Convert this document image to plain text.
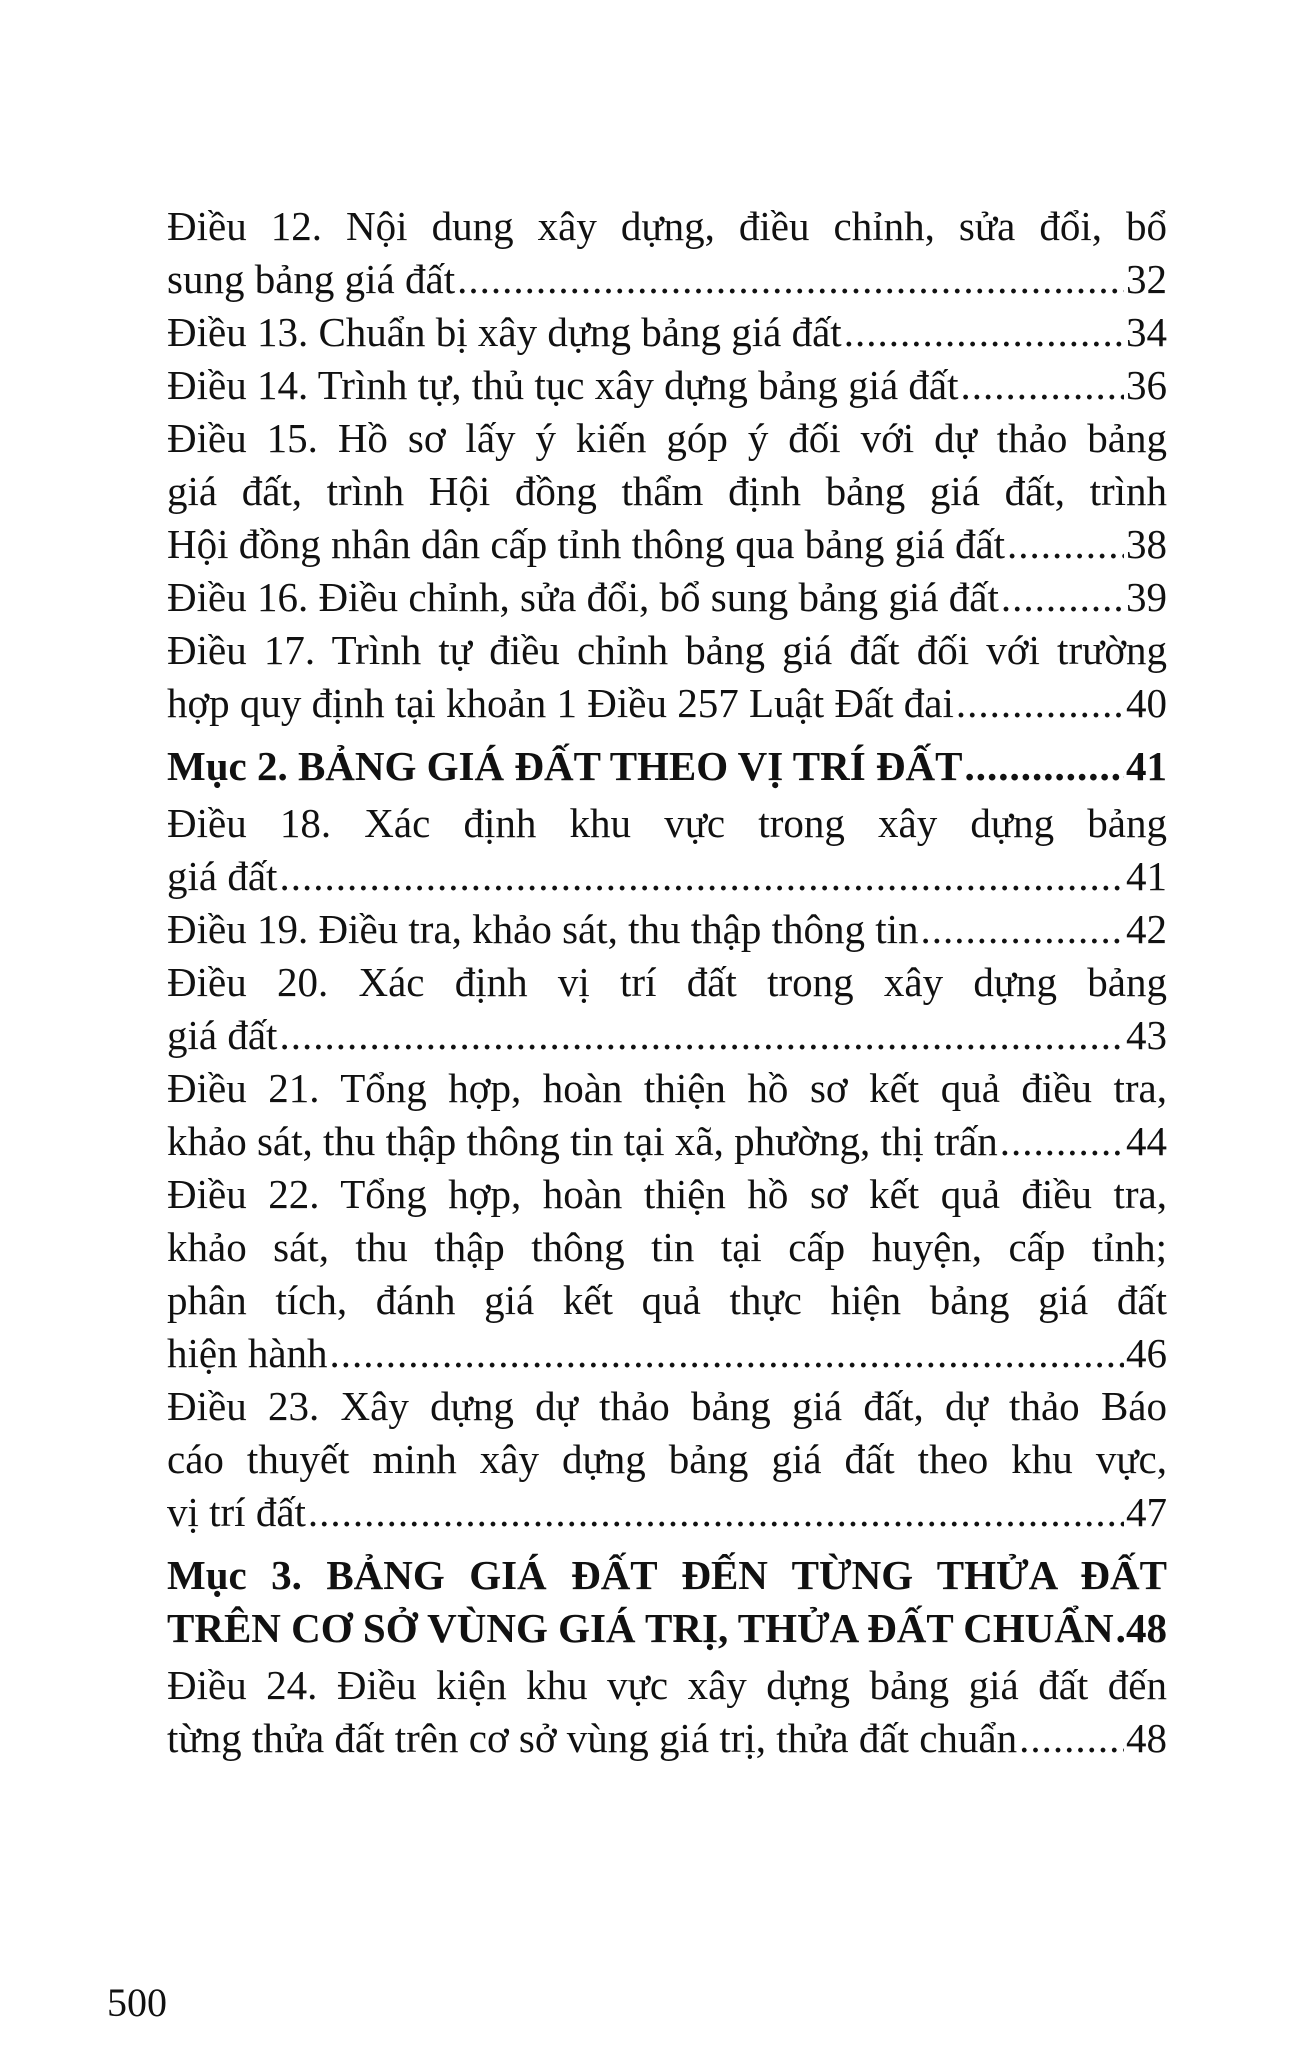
Điều 12. Nội dung xây dựng, điều chỉnh, sửa đổi, bổ
sung bảng giá đất .....	32
Điều 13. Chuẩn bị xây dựng bảng giá đất .....	34
Điều 14. Trình tự, thủ tục xây dựng bảng giá đất .....	36
Điều 15. Hồ sơ lấy ý kiến góp ý đối với dự thảo bảng
giá đất, trình Hội đồng thẩm định bảng giá đất, trình
Hội đồng nhân dân cấp tỉnh thông qua bảng giá đất .....	38
Điều 16. Điều chỉnh, sửa đổi, bổ sung bảng giá đất .....	39
Điều 17. Trình tự điều chỉnh bảng giá đất đối với trường
hợp quy định tại khoản 1 Điều 257 Luật Đất đai .....	40
Mục 2. BẢNG GIÁ ĐẤT THEO VỊ TRÍ ĐẤT .....	41
Điều 18. Xác định khu vực trong xây dựng bảng
giá đất .....	41
Điều 19. Điều tra, khảo sát, thu thập thông tin .....	42
Điều 20. Xác định vị trí đất trong xây dựng bảng
giá đất .....	43
Điều 21. Tổng hợp, hoàn thiện hồ sơ kết quả điều tra,
khảo sát, thu thập thông tin tại xã, phường, thị trấn .....	44
Điều 22. Tổng hợp, hoàn thiện hồ sơ kết quả điều tra,
khảo sát, thu thập thông tin tại cấp huyện, cấp tỉnh;
phân tích, đánh giá kết quả thực hiện bảng giá đất
hiện hành .....	46
Điều 23. Xây dựng dự thảo bảng giá đất, dự thảo Báo
cáo thuyết minh xây dựng bảng giá đất theo khu vực,
vị trí đất .....	47
Mục 3. BẢNG GIÁ ĐẤT ĐẾN TỪNG THỬA ĐẤT
TRÊN CƠ SỞ VÙNG GIÁ TRỊ, THỬA ĐẤT CHUẨN ..... 48
Điều 24. Điều kiện khu vực xây dựng bảng giá đất đến
từng thửa đất trên cơ sở vùng giá trị, thửa đất chuẩn .....	48
500
